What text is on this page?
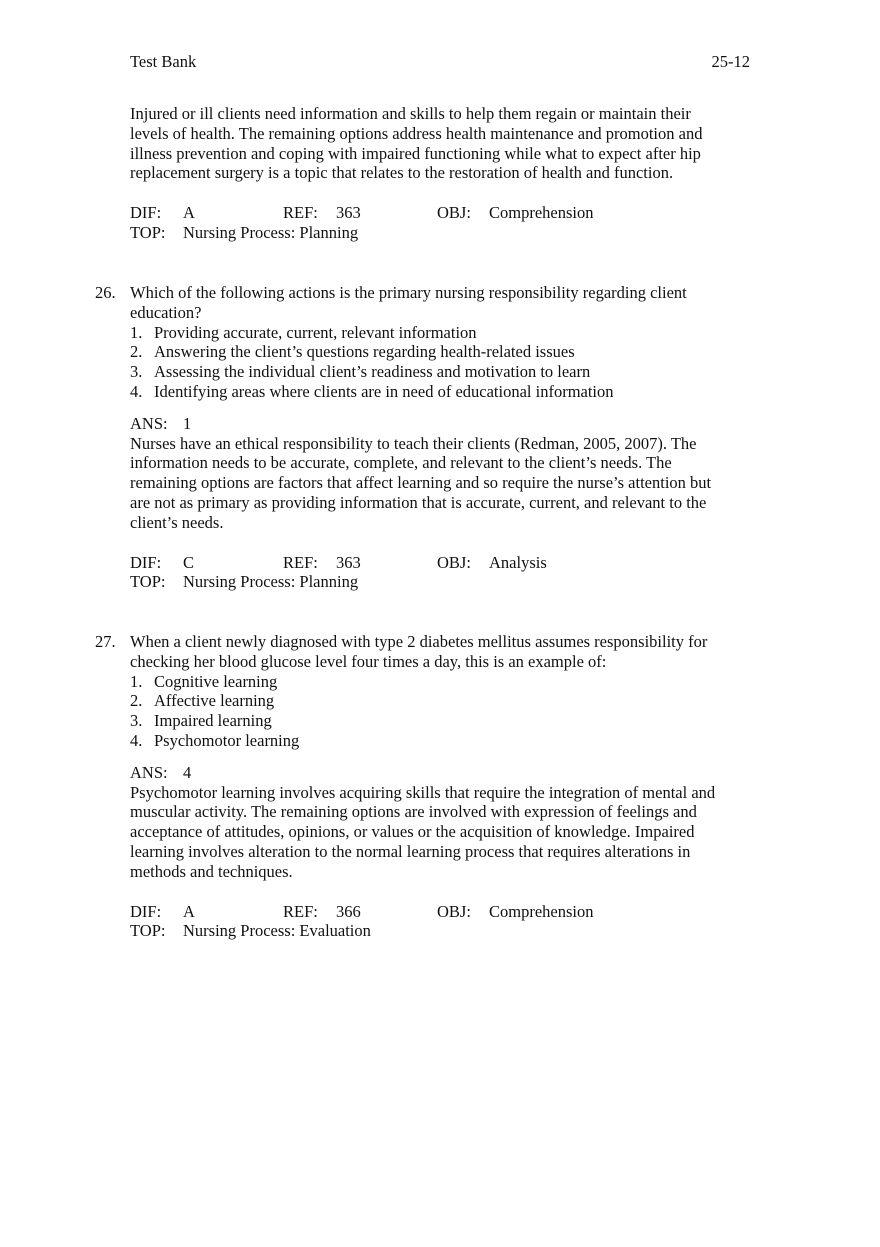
Test Bank	25-12
Injured or ill clients need information and skills to help them regain or maintain their
levels of health. The remaining options address health maintenance and promotion and
illness prevention and coping with impaired functioning while what to expect after hip
replacement surgery is a topic that relates to the restoration of health and function.
DIF:	A	REF:	363	OBJ:	Comprehension
TOP:	Nursing Process: Planning
26. Which of the following actions is the primary nursing responsibility regarding client
education?
1. Providing accurate, current, relevant information
2. Answering the client’s questions regarding health-related issues
3. Assessing the individual client’s readiness and motivation to learn
4. Identifying areas where clients are in need of educational information
ANS: 1
Nurses have an ethical responsibility to teach their clients (Redman, 2005, 2007). The
information needs to be accurate, complete, and relevant to the client’s needs. The
remaining options are factors that affect learning and so require the nurse’s attention but
are not as primary as providing information that is accurate, current, and relevant to the
client’s needs.
DIF:	C	REF:	363	OBJ:	Analysis
TOP:	Nursing Process: Planning
27. When a client newly diagnosed with type 2 diabetes mellitus assumes responsibility for
checking her blood glucose level four times a day, this is an example of:
1. Cognitive learning
2. Affective learning
3. Impaired learning
4. Psychomotor learning
ANS: 4
Psychomotor learning involves acquiring skills that require the integration of mental and
muscular activity. The remaining options are involved with expression of feelings and
acceptance of attitudes, opinions, or values or the acquisition of knowledge. Impaired
learning involves alteration to the normal learning process that requires alterations in
methods and techniques.
DIF:	A	REF:	366	OBJ:	Comprehension
TOP:	Nursing Process: Evaluation
